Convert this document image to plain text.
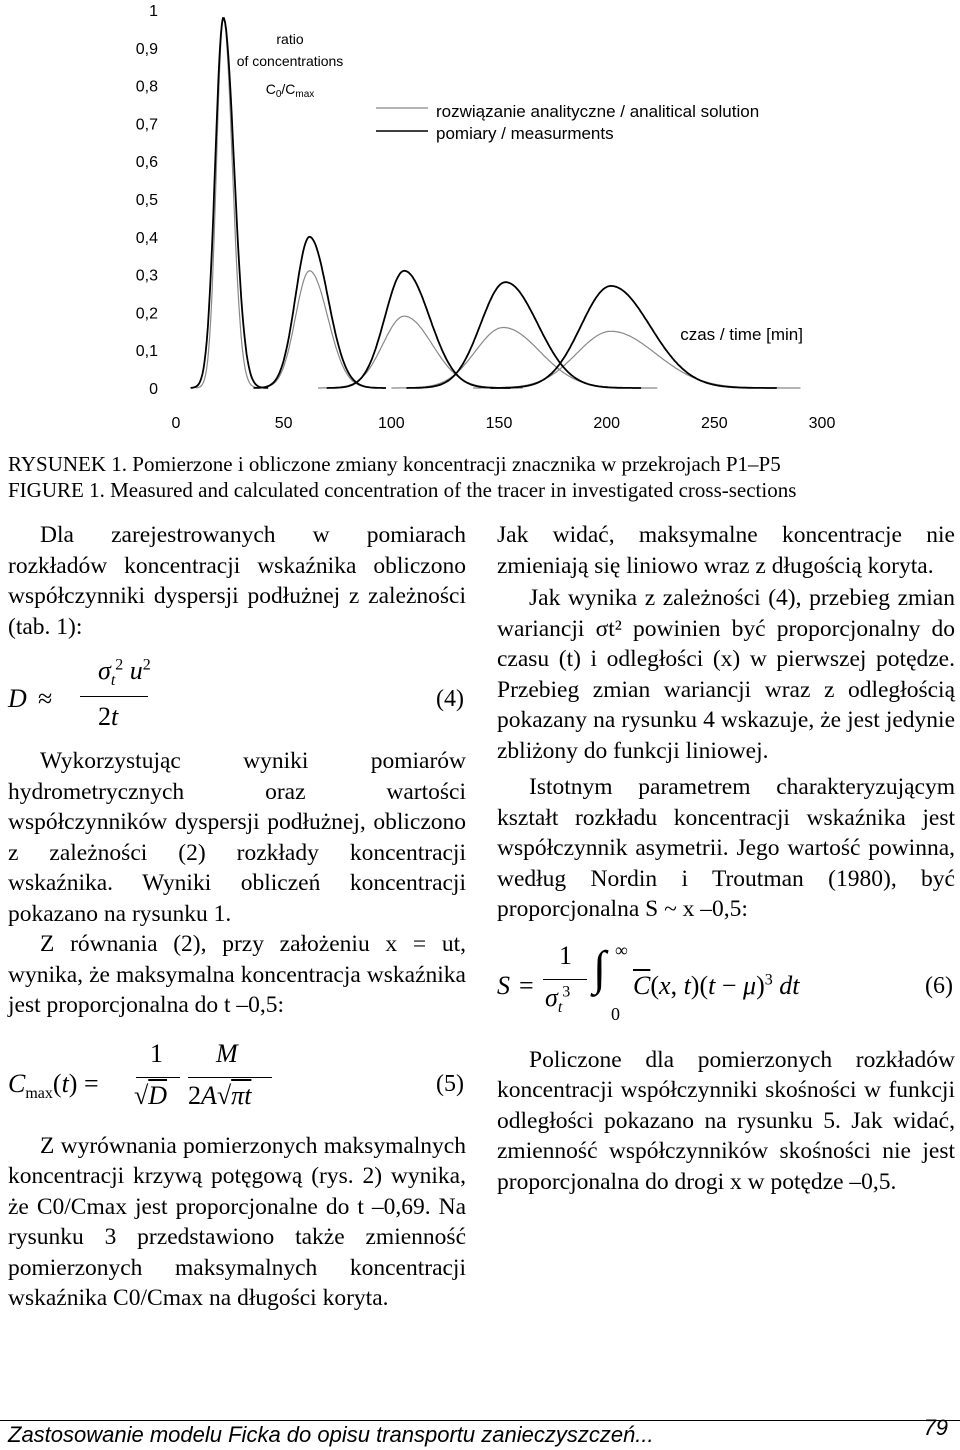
0
0,1
0,2
0,3
0,4
0,5
0,6
0,7
0,8
0,9
1
0	50	100	150	200	250	300
ratio
of concentrations
$C_0/C_{max}$
rozwiązanie analityczne / analitical solution
pomiary / measurments
czas / time [min]
RYSUNEK 1. Pomierzone i obliczone zmiany koncentracji znacznika w przekrojach P1–P5
FIGURE 1. Measured and calculated concentration of the tracer in investigated cross-sections

Dla zarejestrowanych w pomiarach rozkładów koncentracji wskaźnika obliczono współczynniki dyspersji podłużnej z zależności (tab. 1):

D ≈
$\sigma_t^2$ $u^2$
2t
(4)

Wykorzystując wyniki pomiarów hydrometrycznych oraz wartości współczynników dyspersji podłużnej, obliczono z zależności (2) rozkłady koncentracji wskaźnika. Wyniki obliczeń koncentracji pokazano na rysunku 1.

Z równania (2), przy założeniu x = ut, wynika, że maksymalna koncentracja wskaźnika jest proporcjonalna do t –0,5:

$C_{max}(t)$ =
1
√D
M
2A√πt	(5)

Z wyrównania pomierzonych maksymalnych koncentracji krzywą potęgową (rys. 2) wynika, że C0/Cmax jest proporcjonalne do t –0,69. Na rysunku 3 przedstawiono także zmienność pomierzonych maksymalnych koncentracji wskaźnika C0/Cmax na długości koryta.

Jak widać, maksymalne koncentracje nie zmieniają się liniowo wraz z długością koryta.

Jak wynika z zależności (4), przebieg zmian wariancji σt² powinien być proporcjonalny do czasu (t) i odległości (x) w pierwszej potędze. Przebieg zmian wariancji wraz z odległością pokazany na rysunku 4 wskazuje, że jest jedynie zbliżony do funkcji liniowej.

Istotnym parametrem charakteryzującym kształt rozkładu koncentracji wskaźnika jest współczynnik asymetrii. Jego wartość powinna, według Nordin i Troutman (1980), być proporcjonalna S ~ x –0,5:

S =
1
$\sigma_t^3$ ∫ ∞
0
$\overline{C}(x$, $t)(t - \mu)^3$ dt	(6)

Policzone dla pomierzonych rozkładów koncentracji współczynniki skośności w funkcji odległości pokazano na rysunku 5. Jak widać, zmienność współczynników skośności nie jest proporcjonalna do drogi x w potędze –0,5.

Zastosowanie modelu Ficka do opisu transportu zanieczyszczeń...	79
